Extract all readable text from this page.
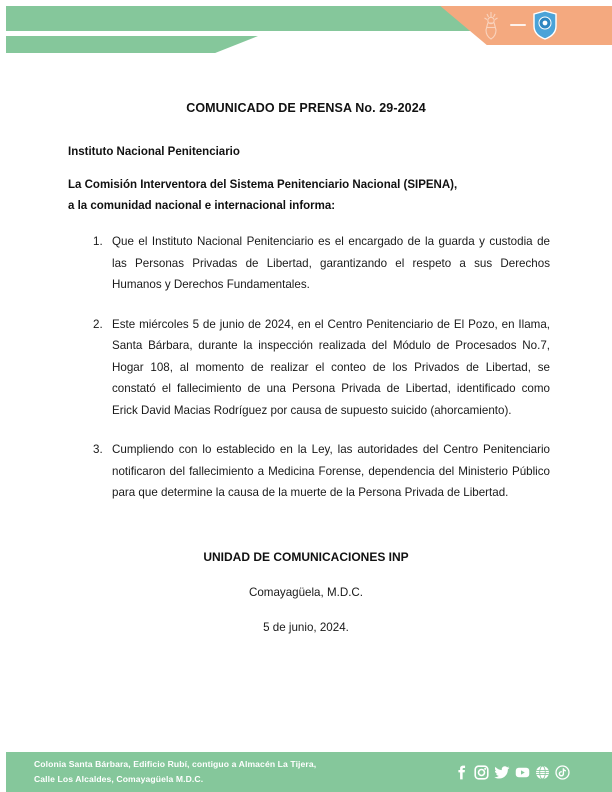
COMUNICADO DE PRENSA No. 29-2024

Instituto Nacional Penitenciario

La Comisión Interventora del Sistema Penitenciario Nacional (SIPENA),
a la comunidad nacional e internacional informa:
1. Que el Instituto Nacional Penitenciario es el encargado de la guarda y custodia de las Personas Privadas de Libertad, garantizando el respeto a sus Derechos Humanos y Derechos Fundamentales.
2. Este miércoles 5 de junio de 2024, en el Centro Penitenciario de El Pozo, en Ilama, Santa Bárbara, durante la inspección realizada del Módulo de Procesados No.7, Hogar 108, al momento de realizar el conteo de los Privados de Libertad, se constató el fallecimiento de una Persona Privada de Libertad, identificado como Erick David Macias Rodríguez por causa de supuesto suicido (ahorcamiento).
3. Cumpliendo con lo establecido en la Ley, las autoridades del Centro Penitenciario notificaron del fallecimiento a Medicina Forense, dependencia del Ministerio Público para que determine la causa de la muerte de la Persona Privada de Libertad.

UNIDAD DE COMUNICACIONES INP

Comayagüela, M.D.C.

5 de junio, 2024.

Colonia Santa Bárbara, Edificio Rubí, contiguo a Almacén La Tijera,
Calle Los Alcaldes, Comayagüela M.D.C.
